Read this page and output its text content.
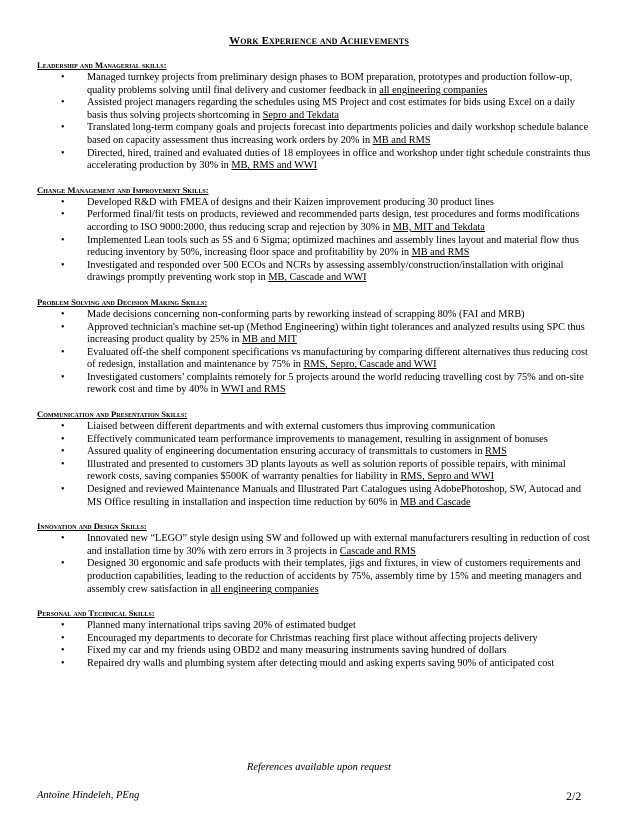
Work Experience and Achievements
Leadership and Managerial skills:
• Managed turnkey projects from preliminary design phases to BOM preparation, prototypes and production follow-up, quality problems solving until final delivery and customer feedback in all engineering companies
• Assisted project managers regarding the schedules using MS Project and cost estimates for bids using Excel on a daily basis thus solving projects shortcoming in Sepro and Tekdata
• Translated long-term company goals and projects forecast into departments policies and daily workshop schedule balance based on capacity assessment thus increasing work orders by 20% in MB and RMS
• Directed, hired, trained and evaluated duties of 18 employees in office and workshop under tight schedule constraints thus accelerating production by 30% in MB, RMS and WWI
Change Management and Improvement Skills:
• Developed R&D with FMEA of designs and their Kaizen improvement producing 30 product lines
• Performed final/fit tests on products, reviewed and recommended parts design, test procedures and forms modifications according to ISO 9000:2000, thus reducing scrap and rejection by 30% in MB, MIT and Tekdata
• Implemented Lean tools such as 5S and 6 Sigma; optimized machines and assembly lines layout and material flow thus reducing inventory by 50%, increasing floor space and profitability by 20% in MB and RMS
• Investigated and responded over 500 ECOs and NCRs by assessing assembly/construction/installation with original drawings promptly preventing work stop in MB, Cascade and WWI
Problem Solving and Decision Making Skills:
• Made decisions concerning non-conforming parts by reworking instead of scrapping 80% (FAI and MRB)
• Approved technician's machine set-up (Method Engineering) within tight tolerances and analyzed results using SPC thus increasing product quality by 25% in MB and MIT
• Evaluated off-the shelf component specifications vs manufacturing by comparing different alternatives thus reducing cost of redesign, installation and maintenance by 75% in RMS, Sepro, Cascade and WWI
• Investigated customers’ complaints remotely for 5 projects around the world reducing travelling cost by 75% and on-site rework cost and time by 40% in WWI and RMS
Communication and Presentation Skills:
• Liaised between different departments and with external customers thus improving communication
• Effectively communicated team performance improvements to management, resulting in assignment of bonuses
• Assured quality of engineering documentation ensuring accuracy of transmittals to customers in RMS
• Illustrated and presented to customers 3D plants layouts as well as solution reports of possible repairs, with minimal rework costs, saving companies $500K of warranty penalties for liability in RMS, Sepro and WWI
• Designed and reviewed Maintenance Manuals and Illustrated Part Catalogues using AdobePhotoshop, SW, Autocad and MS Office resulting in installation and inspection time reduction by 60% in MB and Cascade
Innovation and Design Skills:
• Innovated new “LEGO” style design using SW and followed up with external manufacturers resulting in reduction of cost and installation time by 30% with zero errors in 3 projects in Cascade and RMS
• Designed 30 ergonomic and safe products with their templates, jigs and fixtures, in view of customers requirements and production capabilities, leading to the reduction of accidents by 75%, assembly time by 15% and meeting managers and assembly crew satisfaction in all engineering companies
Personal and Technical Skills:
• Planned many international trips saving 20% of estimated budget
• Encouraged my departments to decorate for Christmas reaching first place without affecting projects delivery
• Fixed my car and my friends using OBD2 and many measuring instruments saving hundred of dollars
• Repaired dry walls and plumbing system after detecting mould and asking experts saving 90% of anticipated cost
References available upon request
Antoine Hindeleh, PEng	2/2
